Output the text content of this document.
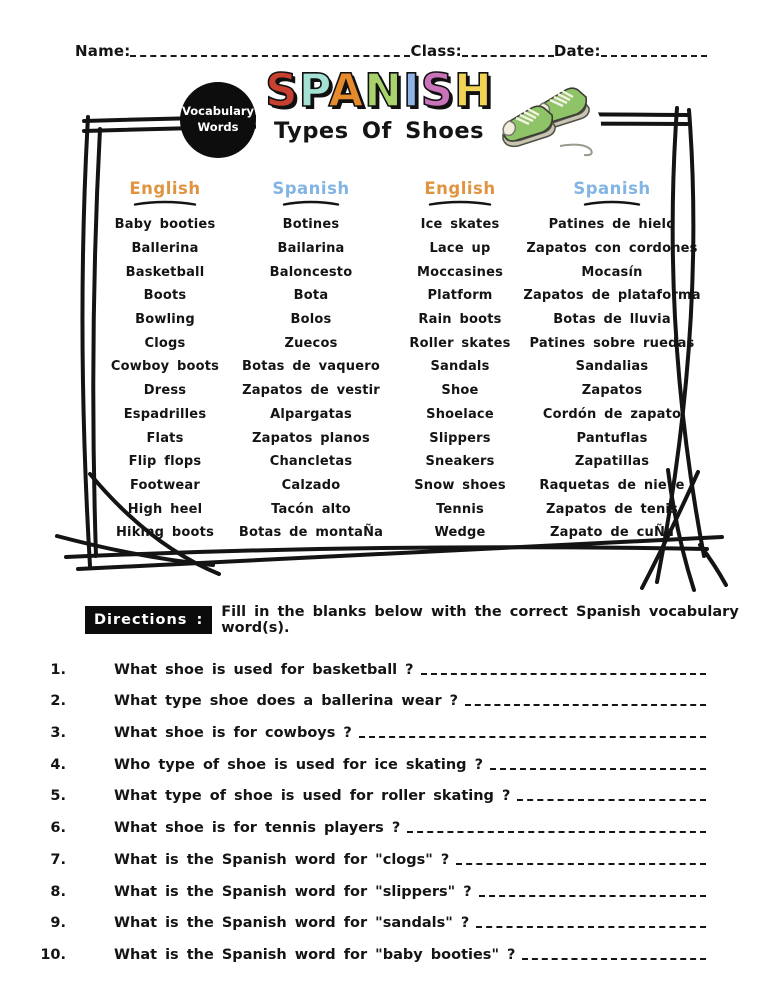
Name:	Class:	Date:
Vocabulary
Words
SPANISH
Types Of Shoes
English	Spanish	English	Spanish
Baby booties	Botines	Ice skates	Patines de hielo
Ballerina	Bailarina	Lace up	Zapatos con cordones
Basketball	Baloncesto	Moccasines	Mocasín
Boots	Bota	Platform	Zapatos de plataforma
Bowling	Bolos	Rain boots	Botas de lluvia
Clogs	Zuecos	Roller skates	Patines sobre ruedas
Cowboy boots	Botas de vaquero	Sandals	Sandalias
Dress	Zapatos de vestir	Shoe	Zapatos
Espadrilles	Alpargatas	Shoelace	Cordón de zapato
Flats	Zapatos planos	Slippers	Pantuflas
Flip flops	Chancletas	Sneakers	Zapatillas
Footwear	Calzado	Snow shoes	Raquetas de nieve
High heel	Tacón alto	Tennis	Zapatos de tenis
Hiking boots	Botas de montaÑa	Wedge	Zapato de cuÑa
Directions :	Fill in the blanks below with the correct Spanish vocabulary word(s).
1.	What shoe is used for basketball ?
2.	What type shoe does a ballerina wear ?
3.	What shoe is for cowboys ?
4.	Who type of shoe is used for ice skating ?
5.	What type of shoe is used for roller skating ?
6.	What shoe is for tennis players ?
7.	What is the Spanish word for "clogs" ?
8.	What is the Spanish word for "slippers" ?
9.	What is the Spanish word for "sandals" ?
10.	What is the Spanish word for "baby booties" ?
